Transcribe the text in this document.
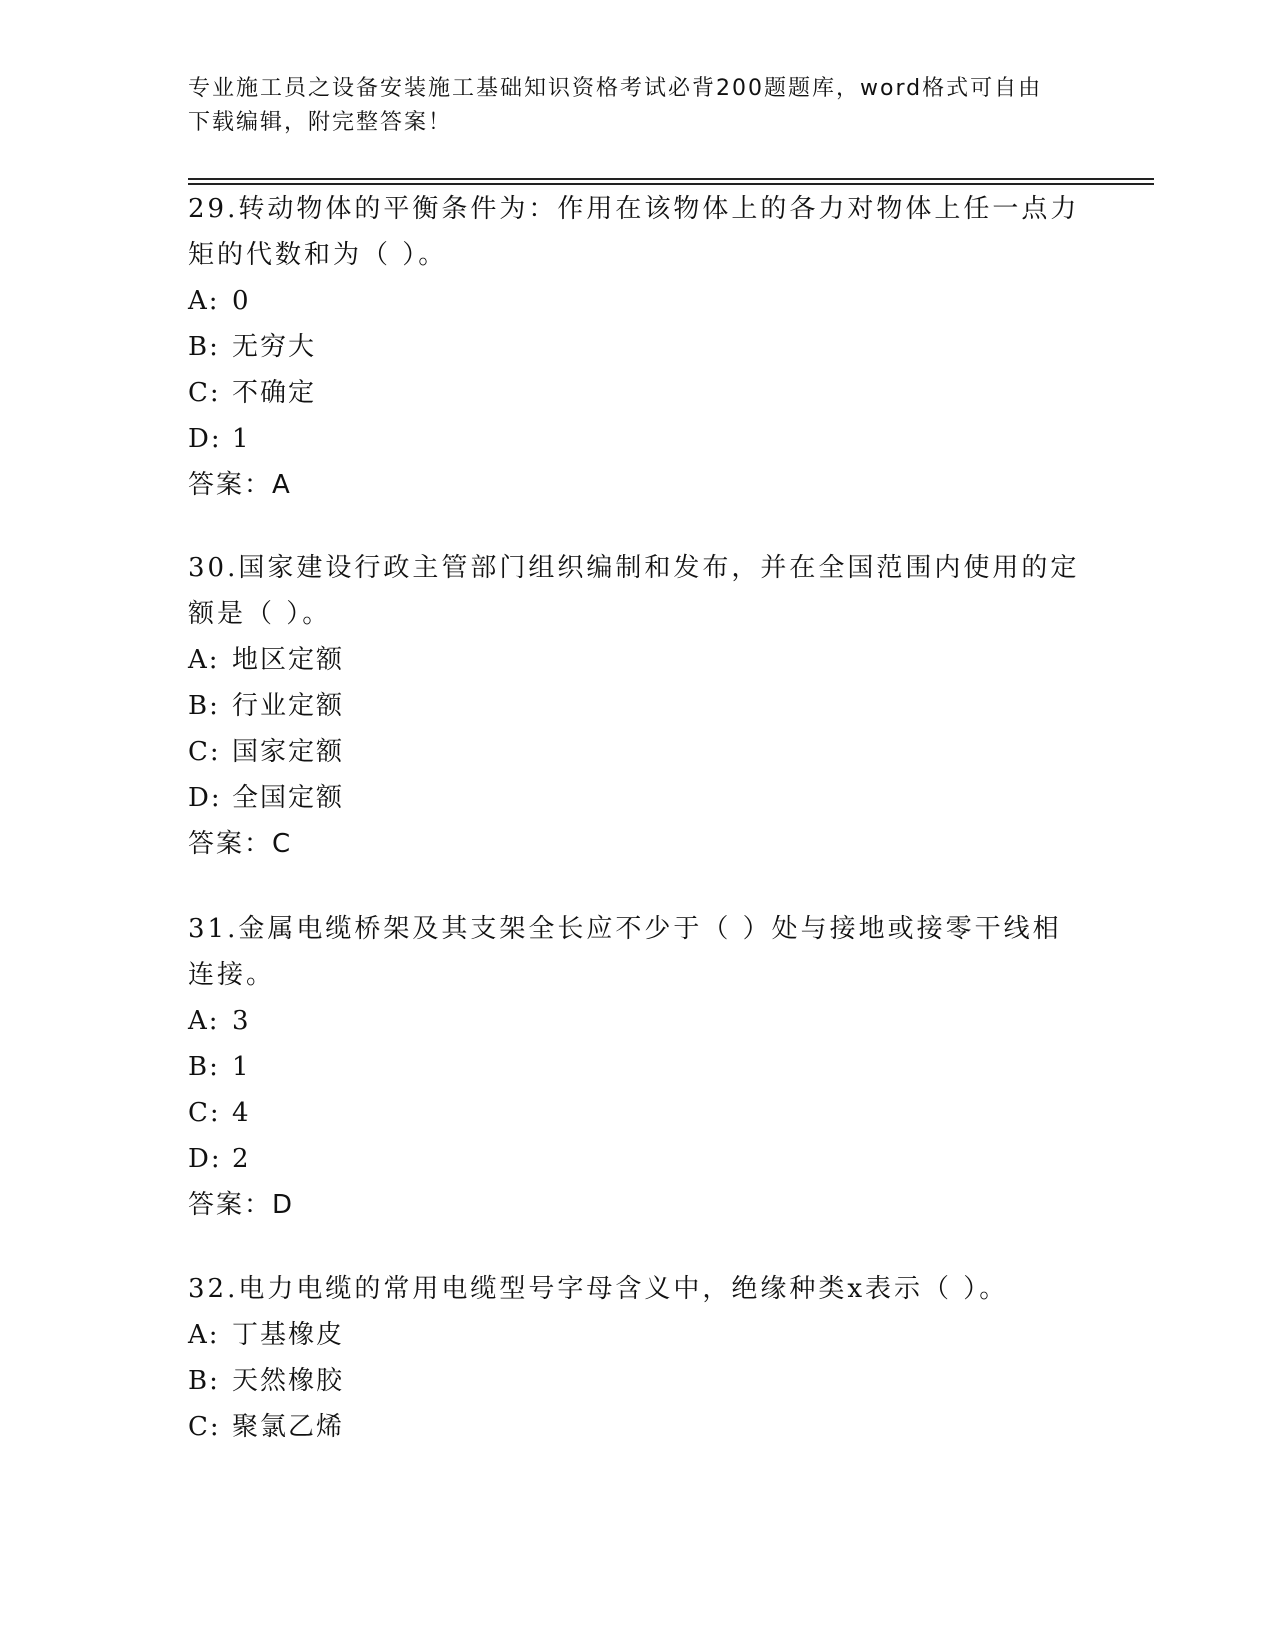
专业施工员之设备安装施工基础知识资格考试必背200题题库，word格式可自由
下载编辑，附完整答案！
29.转动物体的平衡条件为：作用在该物体上的各力对物体上任一点力
矩的代数和为（ ）。
A: 0
B: 无穷大
C: 不确定
D: 1
答案：A
30.国家建设行政主管部门组织编制和发布，并在全国范围内使用的定
额是（ ）。
A: 地区定额
B: 行业定额
C: 国家定额
D: 全国定额
答案：C
31.金属电缆桥架及其支架全长应不少于（ ）处与接地或接零干线相
连接。
A: 3
B: 1
C: 4
D: 2
答案：D
32.电力电缆的常用电缆型号字母含义中，绝缘种类x表示（ ）。
A: 丁基橡皮
B: 天然橡胶
C: 聚氯乙烯
